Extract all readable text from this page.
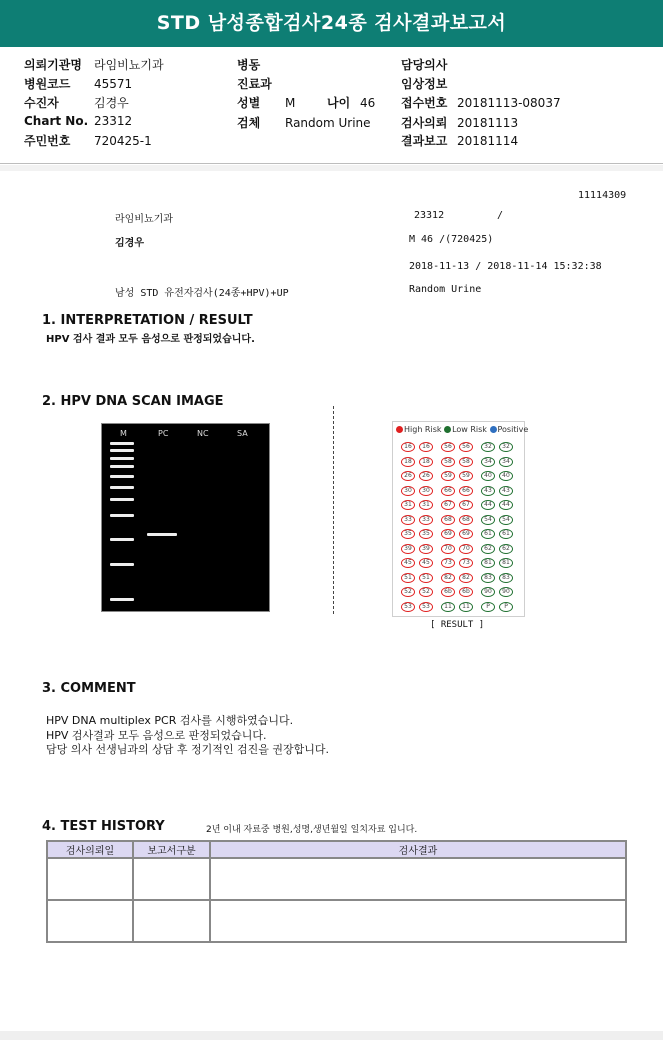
STD 남성종합검사24종 검사결과보고서
의뢰기관명 라임비뇨기과
병원코드 45571
수진자	김경우
Chart No. 23312
주민번호 720425-1
병동
진료과
성별 M	나이 46
검체 Random Urine
담당의사
임상정보
접수번호 20181113-08037
검사의뢰 20181113
결과보고 20181114
11114309
라임비뇨기과	23312	/
김경우	M 46 /(720425)
2018-11-13 / 2018-11-14 15:32:38
남성 STD 유전자검사(24종+HPV)+UP	Random Urine
1. INTERPRETATION / RESULT
HPV 검사 결과 모두 음성으로 판정되었습니다.
2. HPV DNA SCAN IMAGE
M	PC	NC	SA	High Risk Low Risk Positive
16	16	56	56	32	32
18	18	58	58	34	34
26	26	59	59	40	40
30	30	66	66	43	43
31	31	67	67	44	44
33	33	68	68	54	54
35	35	69	69	61	61
39	39	70	70	62	62
45	45	73	73	81	81
51	51	82	82	83	83
52	52	6b	6b	90	90
53	53	11	11	P	P
[ RESULT ]
3. COMMENT
HPV DNA multiplex PCR 검사를 시행하였습니다.
HPV 검사결과 모두 음성으로 판정되었습니다.
담당 의사 선생님과의 상담 후 정기적인 검진을 권장합니다.
4. TEST HISTORY	2년 이내 자료중 병원,성명,생년월일 일치자료 입니다.
검사의뢰일	보고서구분	검사결과
